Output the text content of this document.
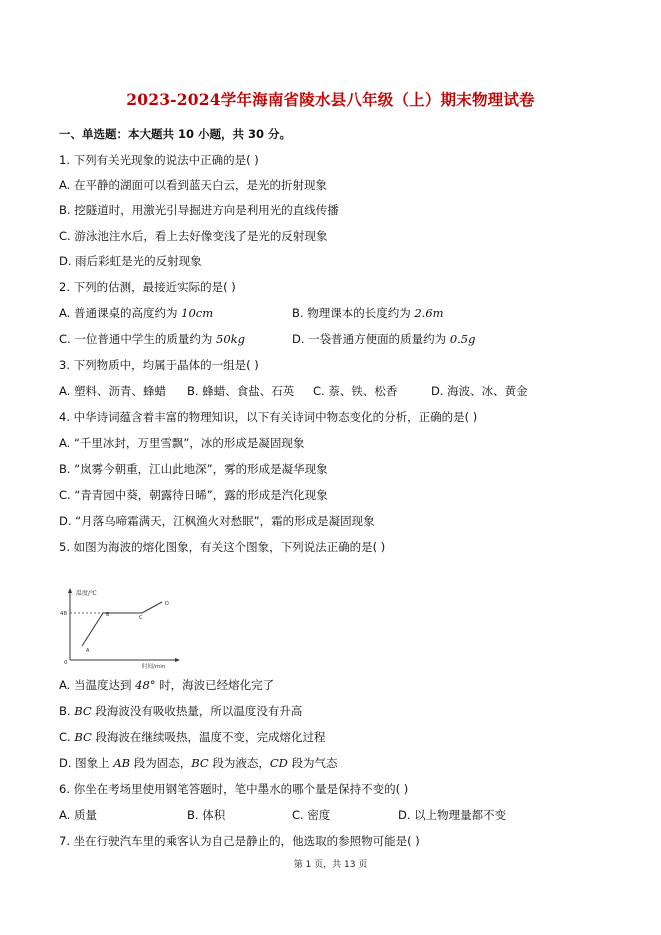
2023-2024学年海南省陵水县八年级（上）期末物理试卷
一、单选题：本大题共 10 小题，共 30 分。
1. 下列有关光现象的说法中正确的是( )
A. 在平静的湖面可以看到蓝天白云，是光的折射现象
B. 挖隧道时，用激光引导掘进方向是利用光的直线传播
C. 游泳池注水后，看上去好像变浅了是光的反射现象
D. 雨后彩虹是光的反射现象
2. 下列的估测，最接近实际的是( )
A. 普通课桌的高度约为 10cm	B. 物理课本的长度约为 2.6m
C. 一位普通中学生的质量约为 50kg	D. 一袋普通方便面的质量约为 0.5g
3. 下列物质中，均属于晶体的一组是( )
A. 塑料、沥青、蜂蜡 B. 蜂蜡、食盐、石英 C. 萘、铁、松香	D. 海波、冰、黄金
4. 中华诗词蕴含着丰富的物理知识，以下有关诗词中物态变化的分析，正确的是( )
A. “千里冰封，万里雪飘”，冰的形成是凝固现象
B. “岚雾今朝重，江山此地深”，雾的形成是凝华现象
C. “青青园中葵，朝露待日晞”，露的形成是汽化现象
D. “月落乌啼霜满天，江枫渔火对愁眠”，霜的形成是凝固现象
5. 如图为海波的熔化图象，有关这个图象，下列说法正确的是( )
温度/℃
时间/min
48
0
A
B	C
D
A. 当温度达到 48° 时，海波已经熔化完了
B. BC 段海波没有吸收热量，所以温度没有升高
C. BC 段海波在继续吸热，温度不变，完成熔化过程
D. 图象上 AB 段为固态，BC 段为液态，CD 段为气态
6. 你坐在考场里使用钢笔答题时，笔中墨水的哪个量是保持不变的( )
A. 质量	B. 体积	C. 密度	D. 以上物理量都不变
7. 坐在行驶汽车里的乘客认为自己是静止的，他选取的参照物可能是( )
第 1 页，共 13 页
